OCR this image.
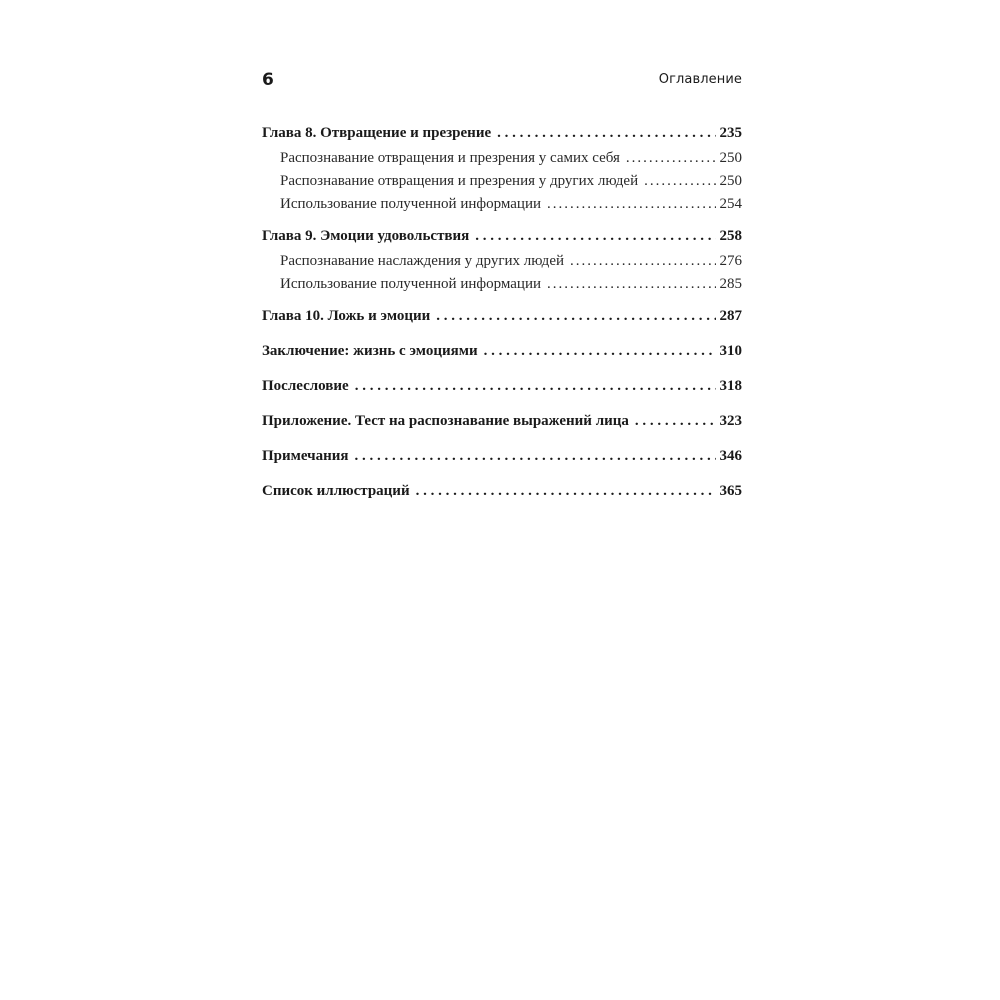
6	Оглавление
Глава 8. Отвращение и презрение . . .	235
Распознавание отвращения и презрения у самих себя .....	250
Распознавание отвращения и презрения у других людей .....	250
Использование полученной информации .....	254
Глава 9. Эмоции удовольствия . . .	258
Распознавание наслаждения у других людей .....	276
Использование полученной информации .....	285
Глава 10. Ложь и эмоции . . .	287
Заключение: жизнь с эмоциями . . .	310
Послесловие . . .	318
Приложение. Тест на распознавание выражений лица . . .	323
Примечания . . .	346
Список иллюстраций . . .	365
